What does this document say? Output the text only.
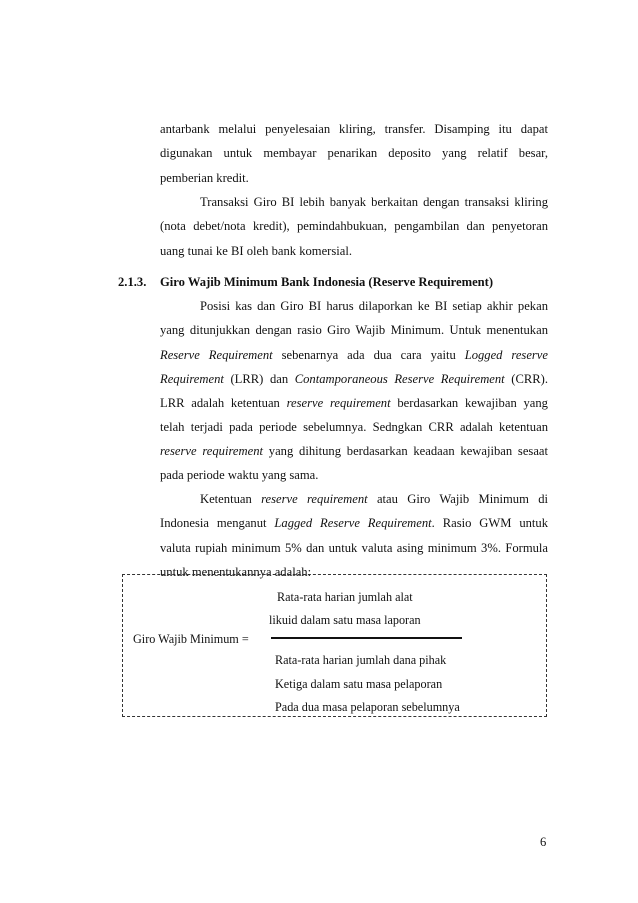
antarbank melalui penyelesaian kliring, transfer. Disamping itu dapat
digunakan untuk membayar penarikan deposito yang relatif besar,
pemberian kredit.
Transaksi Giro BI lebih banyak berkaitan dengan transaksi kliring
(nota debet/nota kredit), pemindahbukuan, pengambilan dan penyetoran
uang tunai ke BI oleh bank komersial.
2.1.3. Giro Wajib Minimum Bank Indonesia (Reserve Requirement)
Posisi kas dan Giro BI harus dilaporkan ke BI setiap akhir pekan
yang ditunjukkan dengan rasio Giro Wajib Minimum. Untuk menentukan
Reserve Requirement sebenarnya ada dua cara yaitu Logged reserve
Requirement (LRR) dan Contamporaneous Reserve Requirement (CRR).
LRR adalah ketentuan reserve requirement berdasarkan kewajiban yang
telah terjadi pada periode sebelumnya. Sedngkan CRR adalah ketentuan
reserve requirement yang dihitung berdasarkan keadaan kewajiban sesaat
pada periode waktu yang sama.
Ketentuan reserve requirement atau Giro Wajib Minimum di
Indonesia menganut Lagged Reserve Requirement. Rasio GWM untuk
valuta rupiah minimum 5% dan untuk valuta asing minimum 3%. Formula
untuk menentukannya adalah:
Rata-rata harian jumlah alat
likuid dalam satu masa laporan
Giro Wajib Minimum =
Rata-rata harian jumlah dana pihak
Ketiga dalam satu masa pelaporan
Pada dua masa pelaporan sebelumnya
6
